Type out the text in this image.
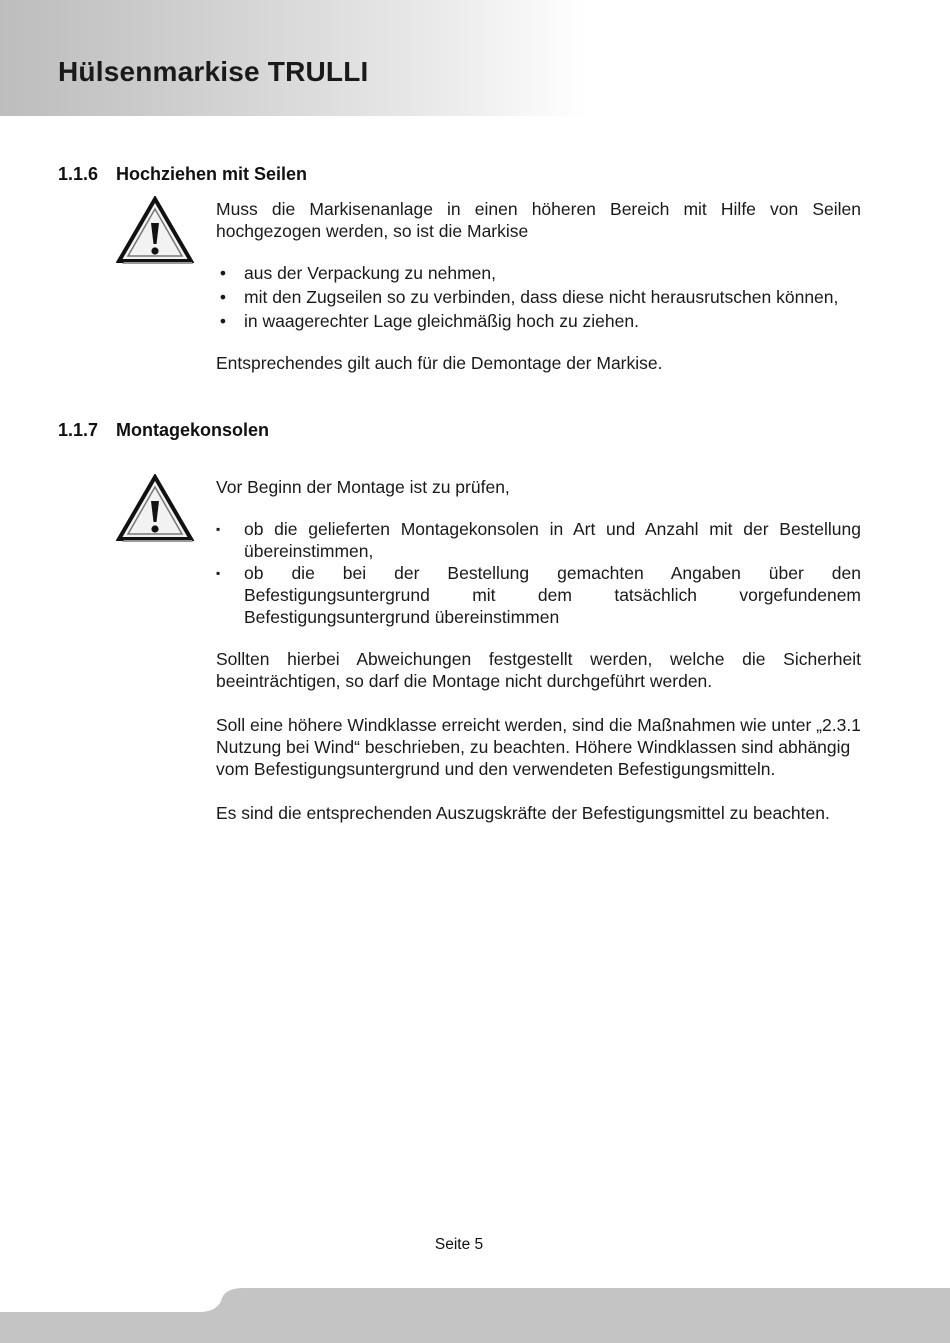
Hülsenmarkise TRULLI
1.1.6 Hochziehen mit Seilen

Muss die Markisenanlage in einen höheren Bereich mit Hilfe von Seilen hochgezogen werden, so ist die Markise

• aus der Verpackung zu nehmen,
• mit den Zugseilen so zu verbinden, dass diese nicht herausrutschen können,
• in waagerechter Lage gleichmäßig hoch zu ziehen.

Entsprechendes gilt auch für die Demontage der Markise.

1.1.7 Montagekonsolen

Vor Beginn der Montage ist zu prüfen,

▪	ob die gelieferten Montagekonsolen in Art und Anzahl mit der Bestellung übereinstimmen,
▪	ob die bei der Bestellung gemachten Angaben über den Befestigungsuntergrund mit dem tatsächlich vorgefundenem Befestigungsuntergrund übereinstimmen

Sollten hierbei Abweichungen festgestellt werden, welche die Sicherheit beeinträchtigen, so darf die Montage nicht durchgeführt werden.

Soll eine höhere Windklasse erreicht werden, sind die Maßnahmen wie unter „2.3.1 Nutzung bei Wind“ beschrieben, zu beachten. Höhere Windklassen sind abhängig vom Befestigungsuntergrund und den verwendeten Befestigungsmitteln.

Es sind die entsprechenden Auszugskräfte der Befestigungsmittel zu beachten.

Seite 5
